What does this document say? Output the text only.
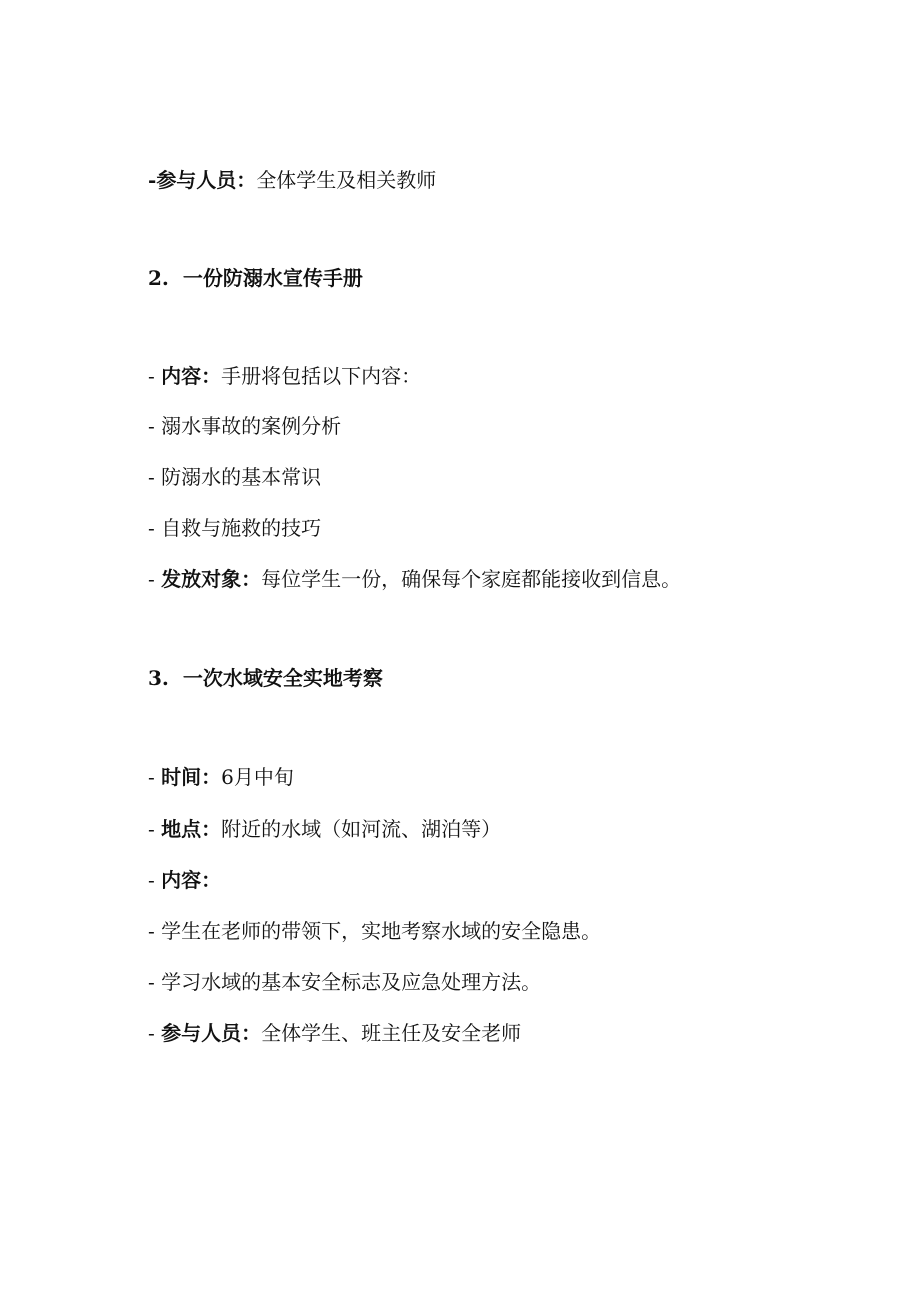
-参与人员：全体学生及相关教师
2. 一份防溺水宣传手册
- 内容：手册将包括以下内容：
- 溺水事故的案例分析
- 防溺水的基本常识
- 自救与施救的技巧
- 发放对象：每位学生一份，确保每个家庭都能接收到信息。
3. 一次水域安全实地考察
- 时间：6月中旬
- 地点：附近的水域（如河流、湖泊等）
- 内容：
- 学生在老师的带领下，实地考察水域的安全隐患。
- 学习水域的基本安全标志及应急处理方法。
- 参与人员：全体学生、班主任及安全老师
